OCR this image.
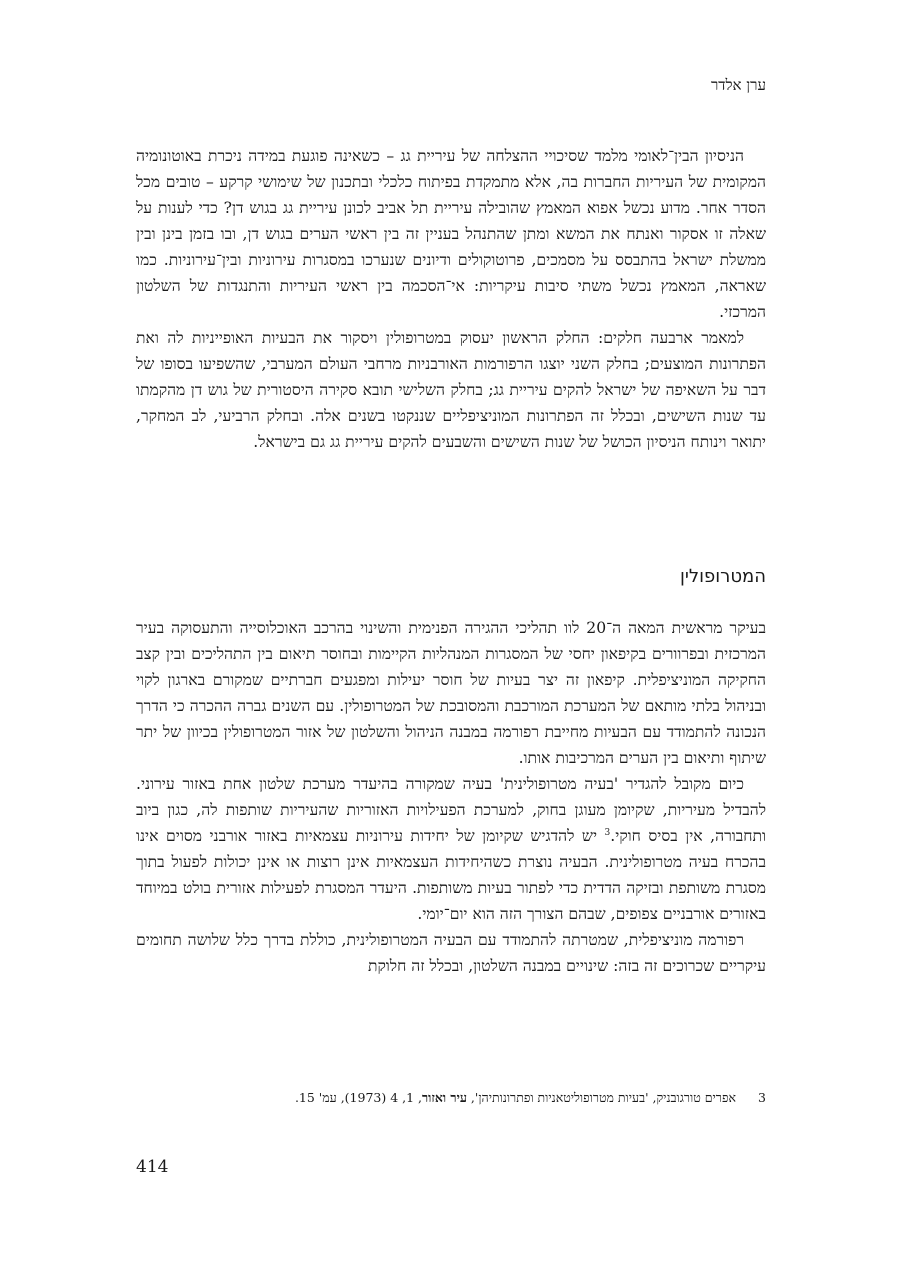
ערן אלדר

הניסיון הבין־לאומי מלמד שסיכויי ההצלחה של עיריית גג – כשאינה פוגעת במידה ניכרת באוטונומיה המקומית של העיריות החברות בה, אלא מתמקדת בפיתוח כלכלי ובתכנון של שימושי קרקע – טובים מכל הסדר אחר. מדוע נכשל אפוא המאמץ שהובילה עיריית תל אביב לכונן עיריית גג בגוש דן? כדי לענות על שאלה זו אסקור ואנתח את המשא ומתן שהתנהל בעניין זה בין ראשי הערים בגוש דן, ובו בזמן בינן ובין ממשלת ישראל בהתבסס על מסמכים, פרוטוקולים ודיונים שנערכו במסגרות עירוניות ובין־עירוניות. כמו שאראה, המאמץ נכשל משתי סיבות עיקריות: אי־הסכמה בין ראשי העיריות והתנגדות של השלטון המרכזי.

למאמר ארבעה חלקים: החלק הראשון יעסוק במטרופולין ויסקור את הבעיות האופייניות לה ואת הפתרונות המוצעים; בחלק השני יוצגו הרפורמות האורבניות מרחבי העולם המערבי, שהשפיעו בסופו של דבר על השאיפה של ישראל להקים עיריית גג; בחלק השלישי תובא סקירה היסטורית של גוש דן מהקמתו עד שנות השישים, ובכלל זה הפתרונות המוניציפליים שננקטו בשנים אלה. ובחלק הרביעי, לב המחקר, יתואר וינותח הניסיון הכושל של שנות השישים והשבעים להקים עיריית גג גם בישראל.

המטרופולין

בעיקר מראשית המאה ה־20 לוו תהליכי ההגירה הפנימית והשינוי בהרכב האוכלוסייה והתעסוקה בעיר המרכזית ובפרוורים בקיפאון יחסי של המסגרות המנהליות הקיימות ובחוסר תיאום בין התהליכים ובין קצב החקיקה המוניציפלית. קיפאון זה יצר בעיות של חוסר יעילות ומפגעים חברתיים שמקורם בארגון לקוי ובניהול בלתי מותאם של המערכת המורכבת והמסובכת של המטרופולין. עם השנים גברה ההכרה כי הדרך הנכונה להתמודד עם הבעיות מחייבת רפורמה במבנה הניהול והשלטון של אזור המטרופולין בכיוון של יתר שיתוף ותיאום בין הערים המרכיבות אותו.

כיום מקובל להגדיר 'בעיה מטרופולינית' בעיה שמקורה בהיעדר מערכת שלטון אחת באזור עירוני. להבדיל מעיריות, שקיומן מעוגן בחוק, למערכת הפעילויות האזוריות שהעיריות שותפות לה, כגון ביוב ותחבורה, אין בסיס חוקי.$^3$ יש להדגיש שקיומן של יחידות עירוניות עצמאיות באזור אורבני מסוים אינו בהכרח בעיה מטרופולינית. הבעיה נוצרת כשהיחידות העצמאיות אינן רוצות או אינן יכולות לפעול בתוך מסגרת משותפת ובזיקה הדדית כדי לפתור בעיות משותפות. היעדר המסגרת לפעילות אזורית בולט במיוחד באזורים אורבניים צפופים, שבהם הצורך הזה הוא יום־יומי.

רפורמה מוניציפלית, שמטרתה להתמודד עם הבעיה המטרופולינית, כוללת בדרך כלל שלושה תחומים עיקריים שכרוכים זה בזה: שינויים במבנה השלטון, ובכלל זה חלוקת

3
אפרים טורגובניק, 'בעיות מטרופוליטאניות ופתרונותיהן', עיר ואזור, 1, 4 (1973), עמ' 15.
414
